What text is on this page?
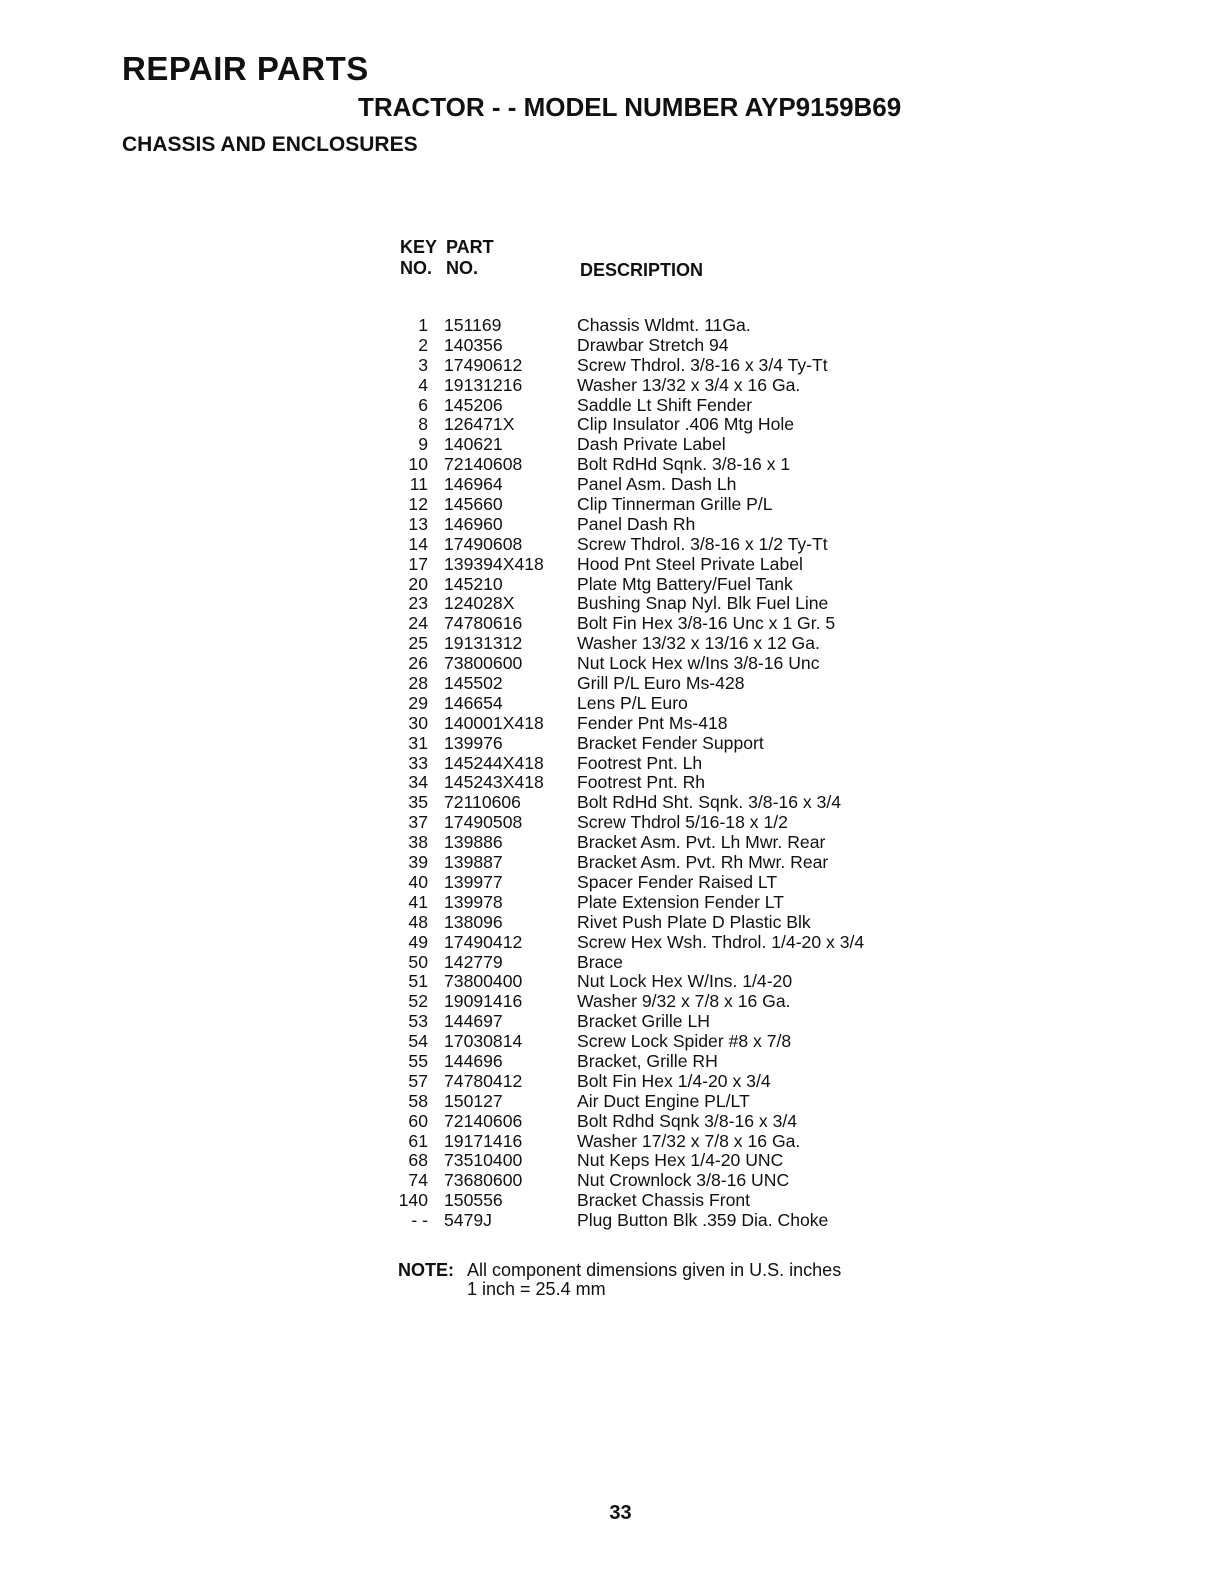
REPAIR PARTS
TRACTOR - - MODEL NUMBER AYP9159B69
CHASSIS AND ENCLOSURES
KEY
NO.
PART
NO.	DESCRIPTION
1 151169	Chassis Wldmt. 11Ga.
2 140356	Drawbar Stretch 94
3 17490612	Screw Thdrol. 3/8-16 x 3/4 Ty-Tt
4 19131216	Washer 13/32 x 3/4 x 16 Ga.
6 145206	Saddle Lt Shift Fender
8 126471X	Clip Insulator .406 Mtg Hole
9 140621	Dash Private Label
10 72140608	Bolt RdHd Sqnk. 3/8-16 x 1
11 146964	Panel Asm. Dash Lh
12 145660	Clip Tinnerman Grille P/L
13 146960	Panel Dash Rh
14 17490608	Screw Thdrol. 3/8-16 x 1/2 Ty-Tt
17 139394X418 Hood Pnt Steel Private Label
20 145210	Plate Mtg Battery/Fuel Tank
23 124028X	Bushing Snap Nyl. Blk Fuel Line
24 74780616	Bolt Fin Hex 3/8-16 Unc x 1 Gr. 5
25 19131312	Washer 13/32 x 13/16 x 12 Ga.
26 73800600	Nut Lock Hex w/Ins 3/8-16 Unc
28 145502	Grill P/L Euro Ms-428
29 146654	Lens P/L Euro
30 140001X418 Fender Pnt Ms-418
31 139976	Bracket Fender Support
33 145244X418 Footrest Pnt. Lh
34 145243X418 Footrest Pnt. Rh
35 72110606	Bolt RdHd Sht. Sqnk. 3/8-16 x 3/4
37 17490508	Screw Thdrol 5/16-18 x 1/2
38 139886	Bracket Asm. Pvt. Lh Mwr. Rear
39 139887	Bracket Asm. Pvt. Rh Mwr. Rear
40 139977	Spacer Fender Raised LT
41 139978	Plate Extension Fender LT
48 138096	Rivet Push Plate D Plastic Blk
49 17490412	Screw Hex Wsh. Thdrol. 1/4-20 x 3/4
50 142779	Brace
51 73800400	Nut Lock Hex W/Ins. 1/4-20
52 19091416	Washer 9/32 x 7/8 x 16 Ga.
53 144697	Bracket Grille LH
54 17030814	Screw Lock Spider #8 x 7/8
55 144696	Bracket, Grille RH
57 74780412	Bolt Fin Hex 1/4-20 x 3/4
58 150127	Air Duct Engine PL/LT
60 72140606	Bolt Rdhd Sqnk 3/8-16 x 3/4
61 19171416	Washer 17/32 x 7/8 x 16 Ga.
68 73510400	Nut Keps Hex 1/4-20 UNC
74 73680600	Nut Crownlock 3/8-16 UNC
140 150556	Bracket Chassis Front
- - 5479J	Plug Button Blk .359 Dia. Choke
NOTE: All component dimensions given in U.S. inches
1 inch = 25.4 mm
33
